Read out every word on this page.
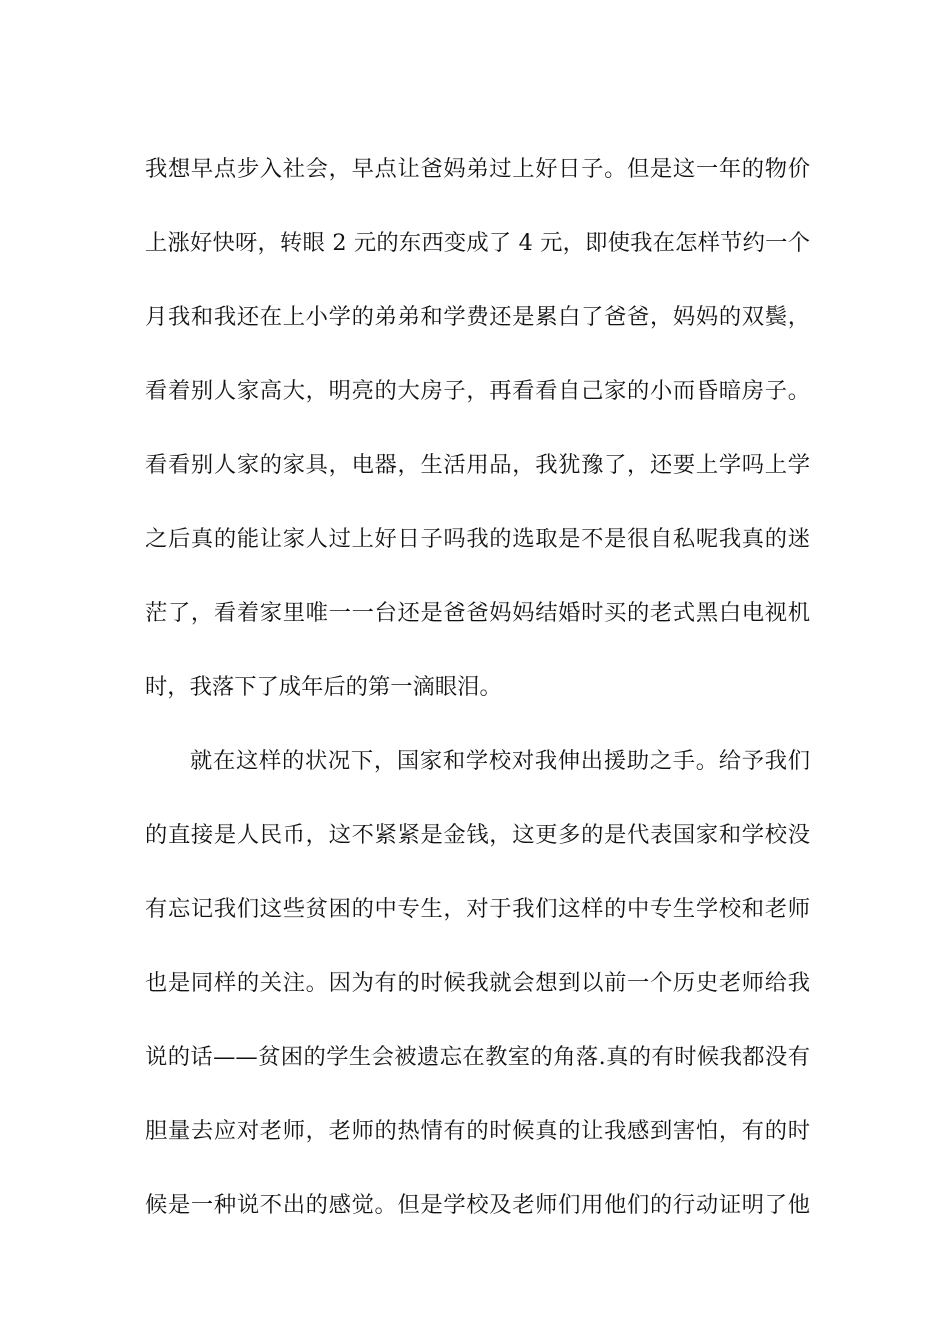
我想早点步入社会，早点让爸妈弟过上好日子。但是这一年的物价
上涨好快呀，转眼 2 元的东西变成了 4 元，即使我在怎样节约一个
月我和我还在上小学的弟弟和学费还是累白了爸爸，妈妈的双鬓，
看着别人家高大，明亮的大房子，再看看自己家的小而昏暗房子。
看看别人家的家具，电器，生活用品，我犹豫了，还要上学吗上学
之后真的能让家人过上好日子吗我的选取是不是很自私呢我真的迷
茫了，看着家里唯一一台还是爸爸妈妈结婚时买的老式黑白电视机
时，我落下了成年后的第一滴眼泪。
就在这样的状况下，国家和学校对我伸出援助之手。给予我们
的直接是人民币，这不紧紧是金钱，这更多的是代表国家和学校没
有忘记我们这些贫困的中专生，对于我们这样的中专生学校和老师
也是同样的关注。因为有的时候我就会想到以前一个历史老师给我
说的话——贫困的学生会被遗忘在教室的角落.真的有时候我都没有
胆量去应对老师，老师的热情有的时候真的让我感到害怕，有的时
候是一种说不出的感觉。但是学校及老师们用他们的行动证明了他
